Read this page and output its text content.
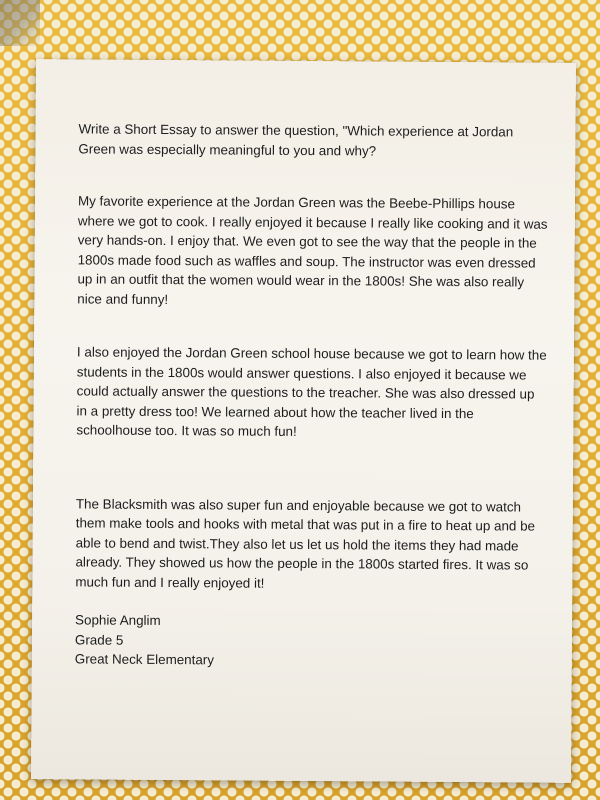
Write a Short Essay to answer the question, "Which experience at Jordan Green was especially meaningful to you and why?

My favorite experience at the Jordan Green was the Beebe-Phillips house where we got to cook. I really enjoyed it because I really like cooking and it was very hands-on. I enjoy that. We even got to see the way that the people in the 1800s made food such as waffles and soup. The instructor was even dressed up in an outfit that the women would wear in the 1800s! She was also really nice and funny!

I also enjoyed the Jordan Green school house because we got to learn how the students in the 1800s would answer questions. I also enjoyed it because we could actually answer the questions to the treacher. She was also dressed up in a pretty dress too! We learned about how the teacher lived in the schoolhouse too. It was so much fun!

The Blacksmith was also super fun and enjoyable because we got to watch them make tools and hooks with metal that was put in a fire to heat up and be able to bend and twist.They also let us let us hold the items they had made already. They showed us how the people in the 1800s started fires. It was so much fun and I really enjoyed it!

Sophie Anglim
Grade 5
Great Neck Elementary
